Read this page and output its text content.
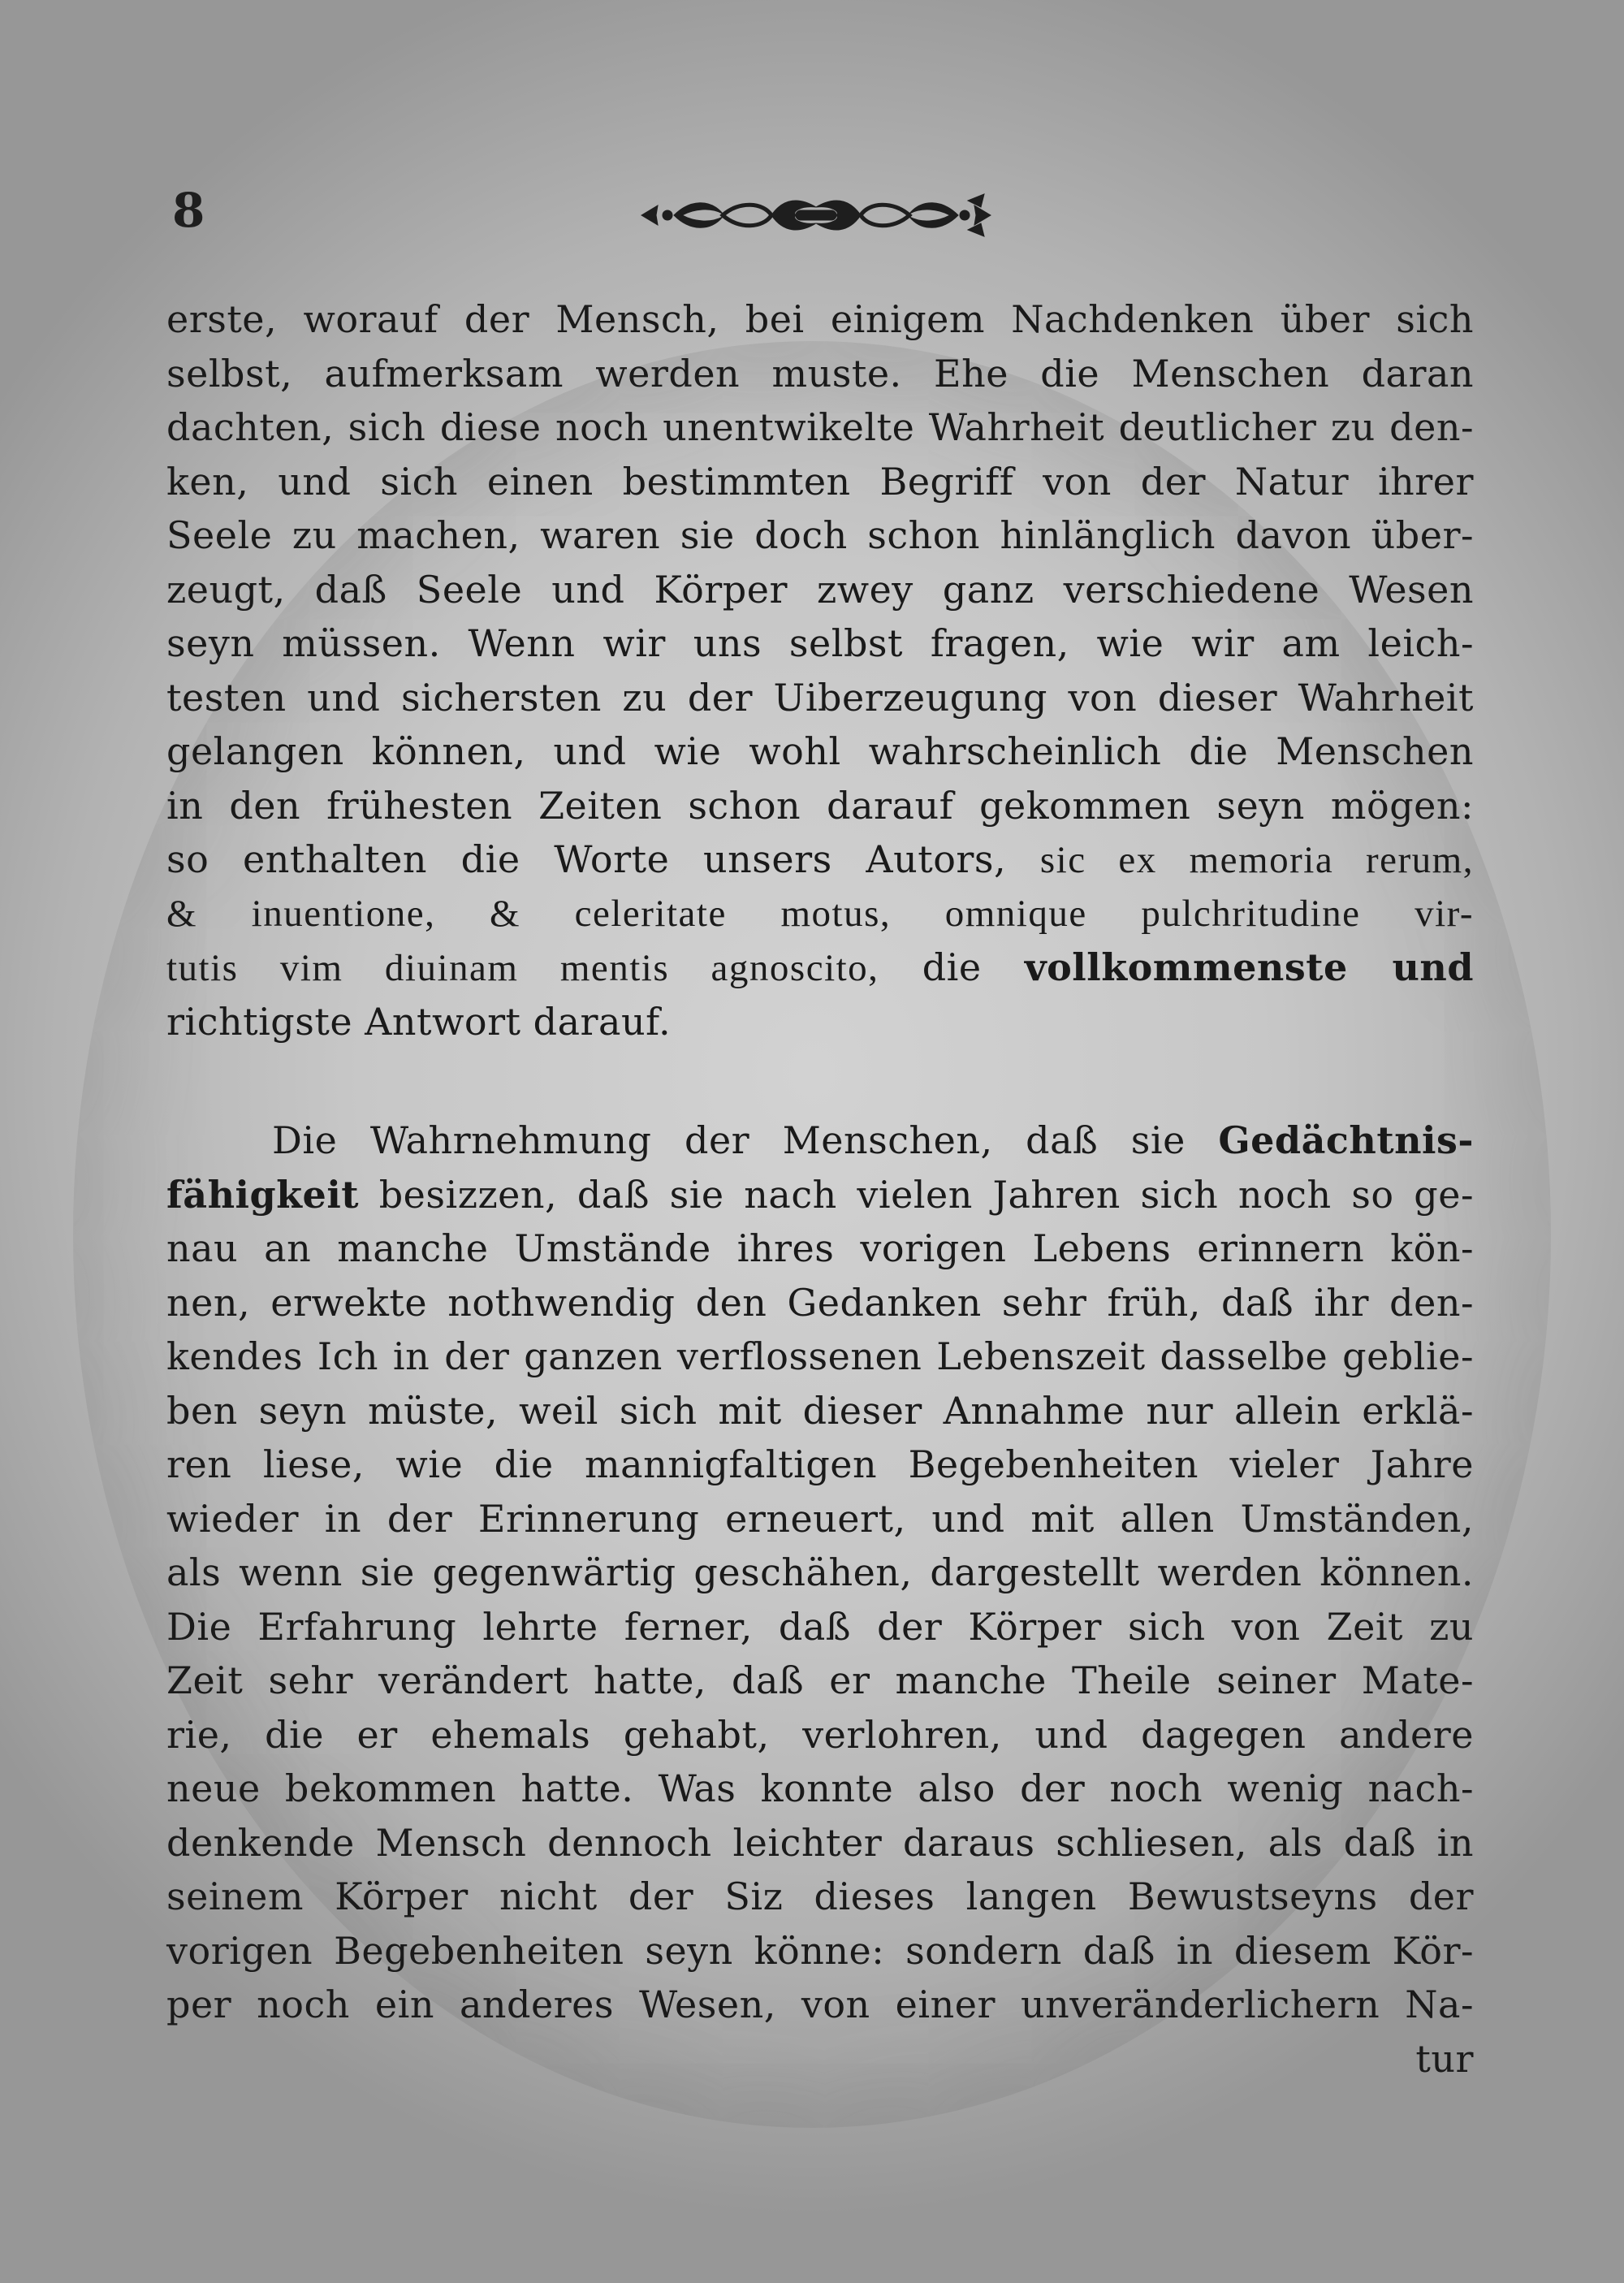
8
erste, worauf der Mensch, bei einigem Nachdenken über sich
selbst, aufmerksam werden muste. Ehe die Menschen daran
dachten, sich diese noch unentwikelte Wahrheit deutlicher zu den-
ken, und sich einen bestimmten Begriff von der Natur ihrer
Seele zu machen, waren sie doch schon hinlänglich davon über-
zeugt, daß Seele und Körper zwey ganz verschiedene Wesen
seyn müssen. Wenn wir uns selbst fragen, wie wir am leich-
testen und sichersten zu der Uiberzeugung von dieser Wahrheit
gelangen können, und wie wohl wahrscheinlich die Menschen
in den frühesten Zeiten schon darauf gekommen seyn mögen:
so enthalten die Worte unsers Autors, sic ex memoria rerum,
& inuentione, & celeritate motus, omnique pulchritudine vir-
tutis vim diuinam mentis agnoscito, die vollkommenste und
richtigste Antwort darauf.
Die Wahrnehmung der Menschen, daß sie Gedächtnis-
fähigkeit besizzen, daß sie nach vielen Jahren sich noch so ge-
nau an manche Umstände ihres vorigen Lebens erinnern kön-
nen, erwekte nothwendig den Gedanken sehr früh, daß ihr den-
kendes Ich in der ganzen verflossenen Lebenszeit dasselbe geblie-
ben seyn müste, weil sich mit dieser Annahme nur allein erklä-
ren liese, wie die mannigfaltigen Begebenheiten vieler Jahre
wieder in der Erinnerung erneuert, und mit allen Umständen,
als wenn sie gegenwärtig geschähen, dargestellt werden können.
Die Erfahrung lehrte ferner, daß der Körper sich von Zeit zu
Zeit sehr verändert hatte, daß er manche Theile seiner Mate-
rie, die er ehemals gehabt, verlohren, und dagegen andere
neue bekommen hatte. Was konnte also der noch wenig nach-
denkende Mensch dennoch leichter daraus schliesen, als daß in
seinem Körper nicht der Siz dieses langen Bewustseyns der
vorigen Begebenheiten seyn könne: sondern daß in diesem Kör-
per noch ein anderes Wesen, von einer unveränderlichern Na-
tur
